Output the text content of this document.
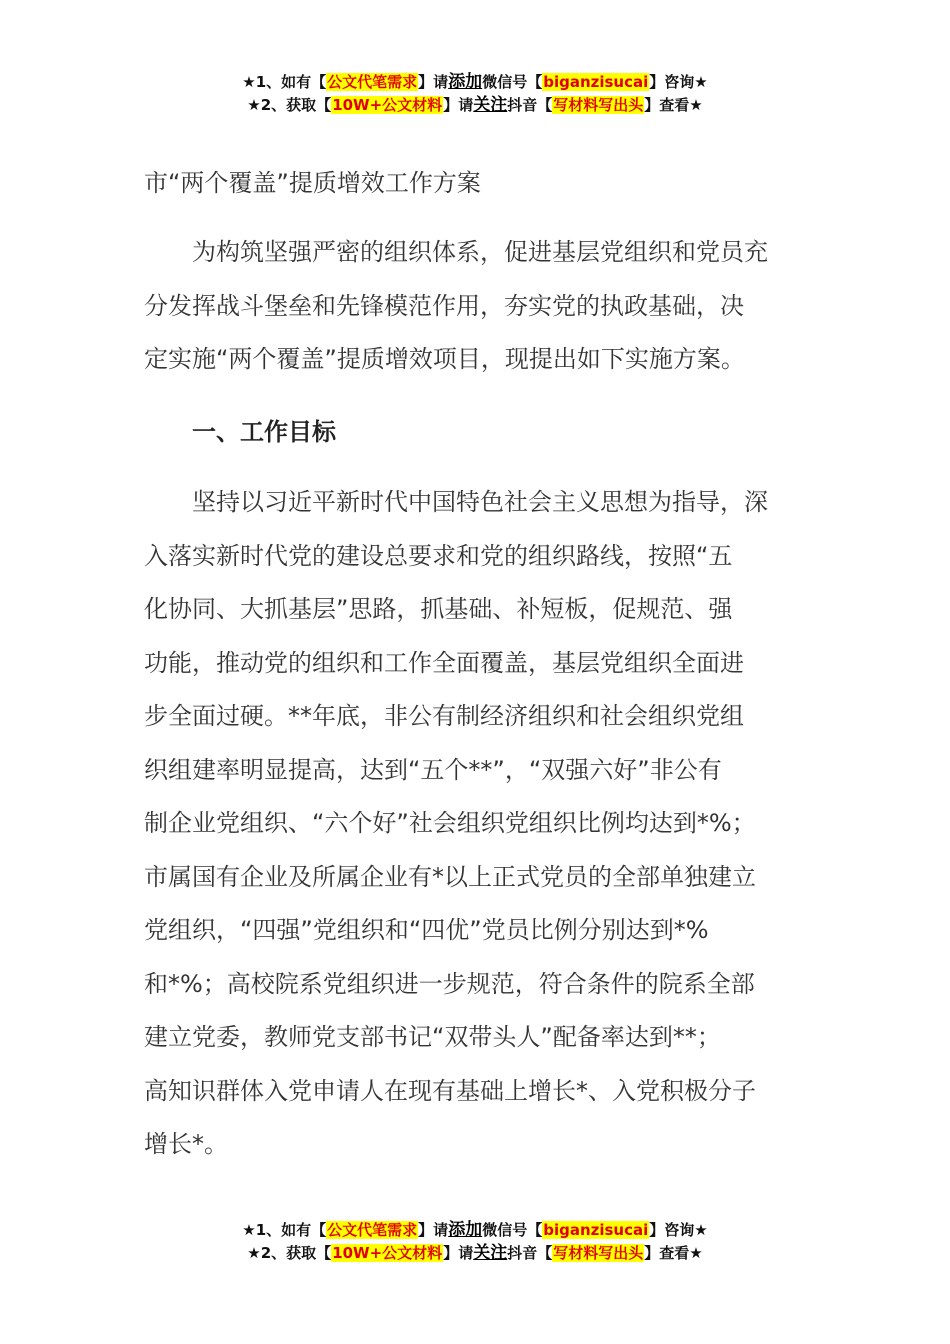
★1、如有【公文代笔需求】请添加微信号【biganzisucai】咨询★
★2、获取【10W+公文材料】请关注抖音【写材料写出头】查看★
市“两个覆盖”提质增效工作方案
为构筑坚强严密的组织体系，促进基层党组织和党员充
分发挥战斗堡垒和先锋模范作用，夯实党的执政基础，决
定实施“两个覆盖”提质增效项目，现提出如下实施方案。
一、工作目标
坚持以习近平新时代中国特色社会主义思想为指导，深
入落实新时代党的建设总要求和党的组织路线，按照“五
化协同、大抓基层”思路，抓基础、补短板，促规范、强
功能，推动党的组织和工作全面覆盖，基层党组织全面进
步全面过硬。**年底，非公有制经济组织和社会组织党组
织组建率明显提高，达到“五个**”，“双强六好”非公有
制企业党组织、“六个好”社会组织党组织比例均达到*%；
市属国有企业及所属企业有*以上正式党员的全部单独建立
党组织，“四强”党组织和“四优”党员比例分别达到*%
和*%；高校院系党组织进一步规范，符合条件的院系全部
建立党委，教师党支部书记“双带头人”配备率达到**；
高知识群体入党申请人在现有基础上增长*、入党积极分子
增长*。
★1、如有【公文代笔需求】请添加微信号【biganzisucai】咨询★
★2、获取【10W+公文材料】请关注抖音【写材料写出头】查看★
